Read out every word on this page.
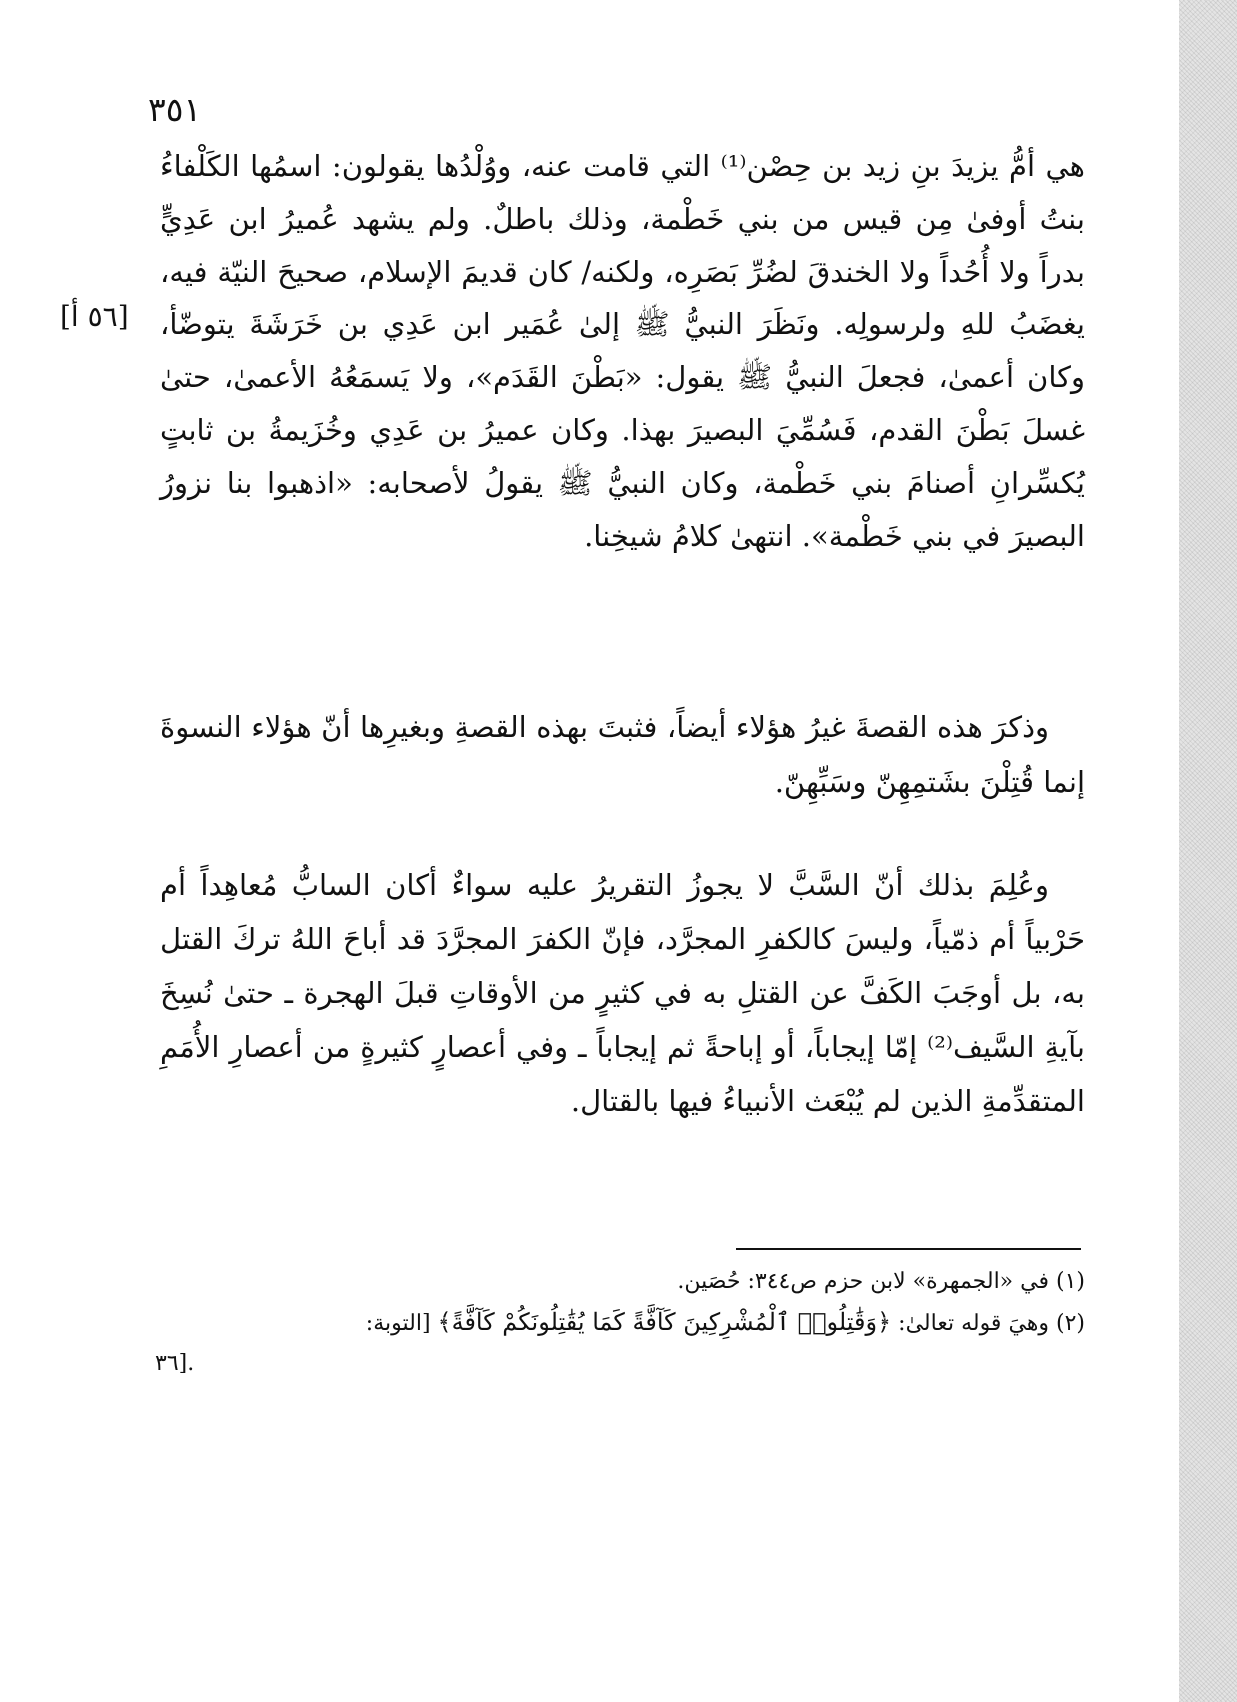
٣٥١
[٥٦ أ]

هي أمُّ يزيدَ بنِ زيد بن حِصْن⁽¹⁾ التي قامت عنه، ووُلْدُها يقولون: اسمُها الكَلْفاءُ بنتُ أوفىٰ مِن قيس من بني خَطْمة، وذلك باطلٌ. ولم يشهد عُميرُ ابن عَدِيٍّ بدراً ولا أُحُداً ولا الخندقَ لضُرِّ بَصَرِه، ولكنه/ كان قديمَ الإسلام، صحيحَ النيّة فيه، يغضَبُ للهِ ولرسولِه. ونَظَرَ النبيُّ ﷺ إلىٰ عُمَير ابن عَدِي بن خَرَشَةَ يتوضّأ، وكان أعمىٰ، فجعلَ النبيُّ ﷺ يقول: «بَطْنَ القَدَم»، ولا يَسمَعُهُ الأعمىٰ، حتىٰ غسلَ بَطْنَ القدم، فَسُمِّيَ البصيرَ بهذا. وكان عميرُ بن عَدِي وخُزَيمةُ بن ثابتٍ يُكسِّرانِ أصنامَ بني خَطْمة، وكان النبيُّ ﷺ يقولُ لأصحابه: «اذهبوا بنا نزورُ البصيرَ في بني خَطْمة». انتهىٰ كلامُ شيخِنا.

وذكرَ هذه القصةَ غيرُ هؤلاء أيضاً، فثبتَ بهذه القصةِ وبغيرِها أنّ هؤلاء النسوةَ إنما قُتِلْنَ بشَتمِهِنّ وسَبِّهِنّ.

وعُلِمَ بذلك أنّ السَّبَّ لا يجوزُ التقريرُ عليه سواءٌ أكان السابُّ مُعاهِداً أم حَرْبياً أم ذمّياً، وليسَ كالكفرِ المجرَّد، فإنّ الكفرَ المجرَّدَ قد أباحَ اللهُ تركَ القتل به، بل أوجَبَ الكَفَّ عن القتلِ به في كثيرٍ من الأوقاتِ قبلَ الهجرة ـ حتىٰ نُسِخَ بآيةِ السَّيف⁽²⁾ إمّا إيجاباً، أو إباحةً ثم إيجاباً ـ وفي أعصارٍ كثيرةٍ من أعصارِ الأُمَمِ المتقدِّمةِ الذين لم يُبْعَث الأنبياءُ فيها بالقتال.

(١) في «الجمهرة» لابن حزم ص٣٤٤: حُصَين.

(٢) وهيَ قوله تعالىٰ: ﴿وَقَٰتِلُوا۟ ٱلْمُشْرِكِينَ كَآفَّةً كَمَا يُقَٰتِلُونَكُمْ كَآفَّةً﴾ [التوبة:

.[٣٦
